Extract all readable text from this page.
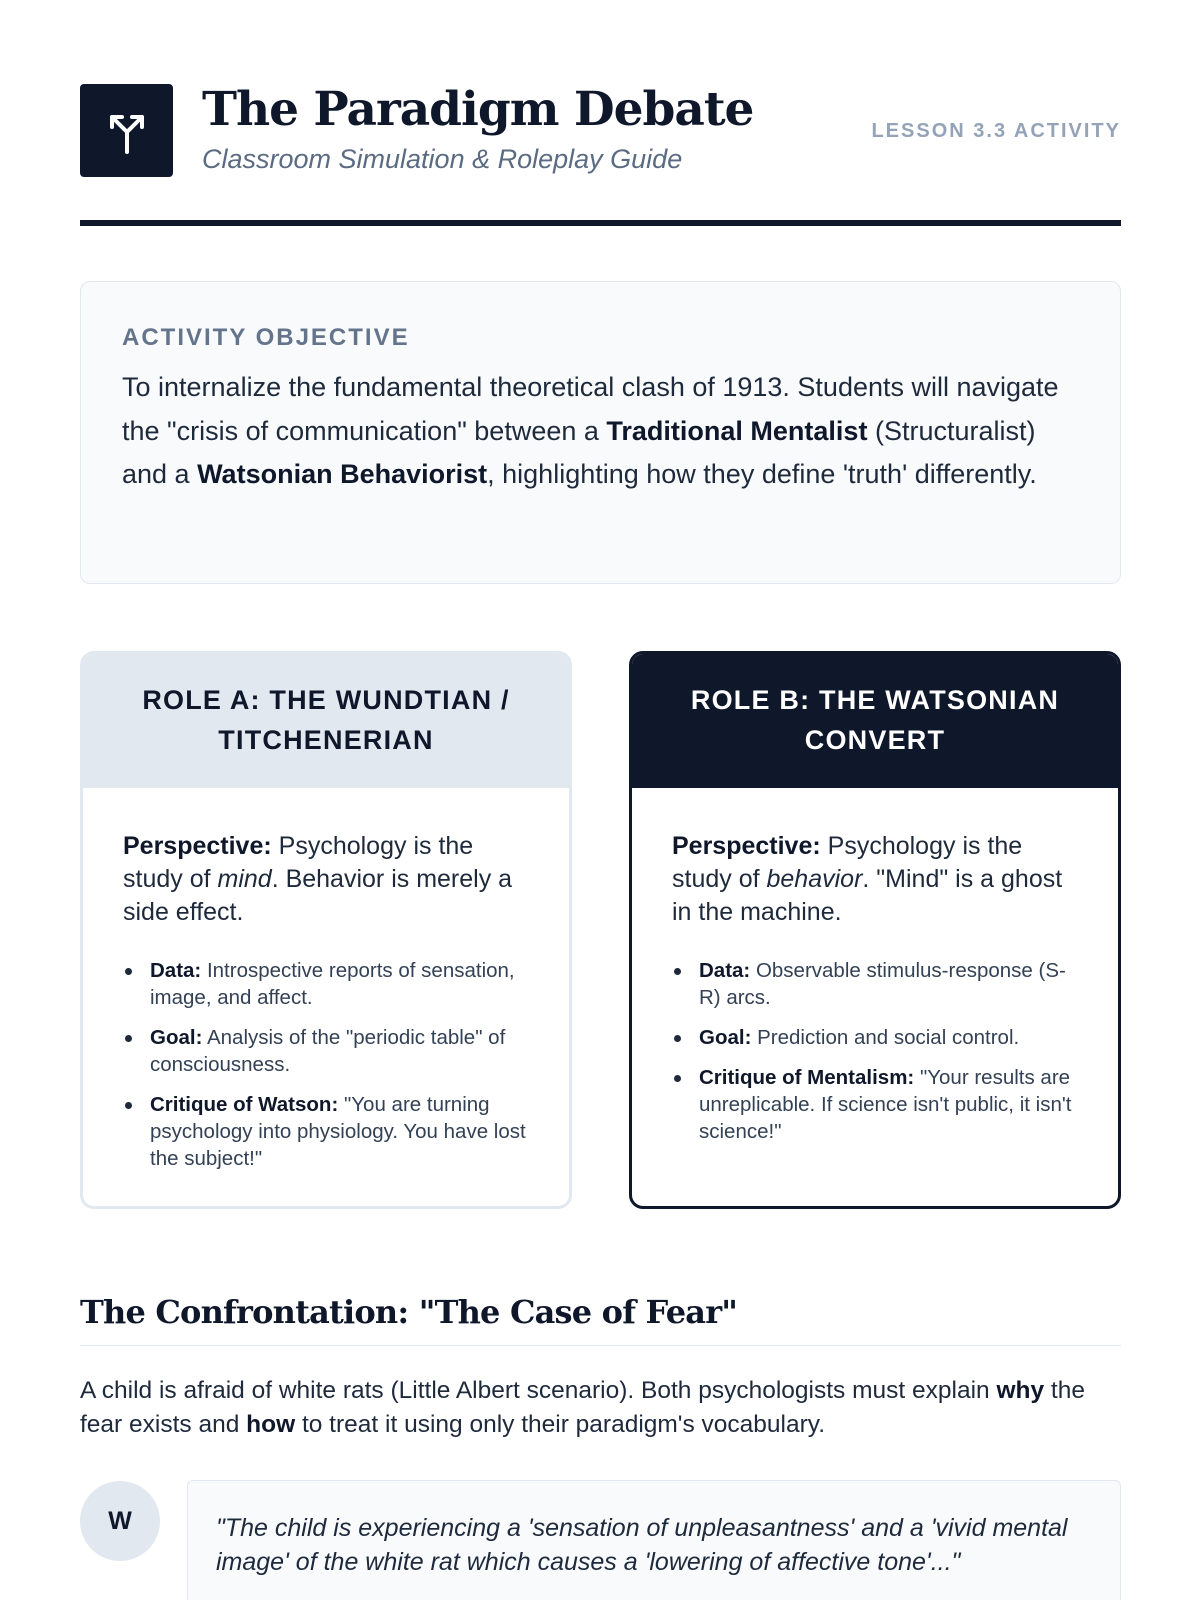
The Paradigm Debate
Classroom Simulation & Roleplay Guide
LESSON 3.3 ACTIVITY
ACTIVITY OBJECTIVE

To internalize the fundamental theoretical clash of 1913. Students will navigate the "crisis of communication" between a Traditional Mentalist (Structuralist) and a Watsonian Behaviorist, highlighting how they define 'truth' differently.

ROLE A: THE WUNDTIAN / TITCHENERIAN

Perspective: Psychology is the study of mind. Behavior is merely a side effect.

Data: Introspective reports of sensation, image, and affect.
Goal: Analysis of the "periodic table" of consciousness.
Critique of Watson: "You are turning psychology into physiology. You have lost the subject!"
ROLE B: THE WATSONIAN CONVERT

Perspective: Psychology is the study of behavior. "Mind" is a ghost in the machine.

Data: Observable stimulus-response (S-R) arcs.
Goal: Prediction and social control.
Critique of Mentalism: "Your results are unreplicable. If science isn't public, it isn't science!"
The Confrontation: "The Case of Fear"

A child is afraid of white rats (Little Albert scenario). Both psychologists must explain why the fear exists and how to treat it using only their paradigm's vocabulary.

W	"The child is experiencing a 'sensation of unpleasantness' and a 'vivid mental image' of the white rat which causes a 'lowering of affective tone'..."
